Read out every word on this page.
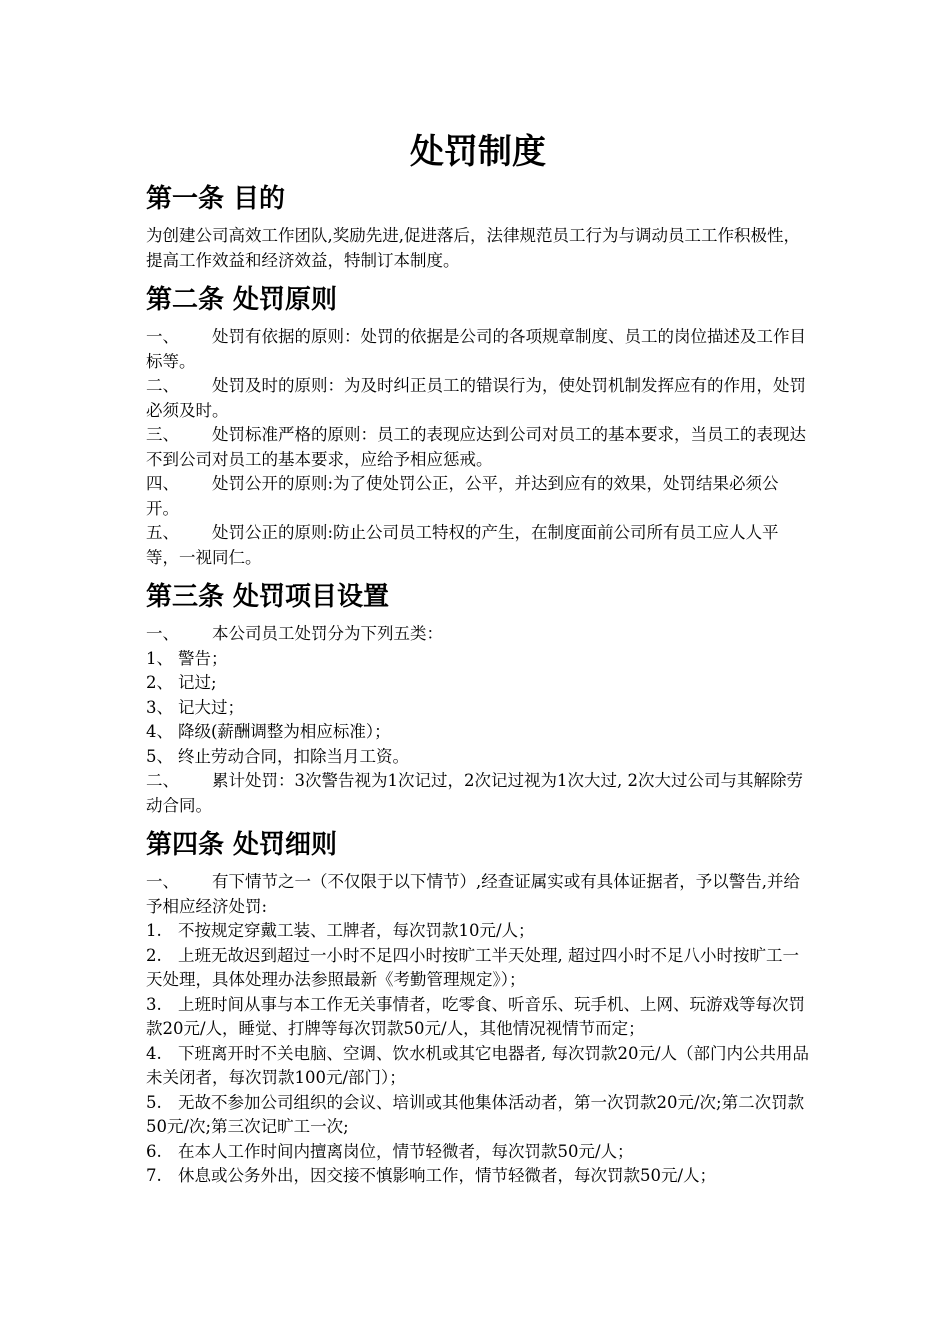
处罚制度
第一条 目的

为创建公司高效工作团队,奖励先进,促进落后，法律规范员工行为与调动员工工作积极性，提高工作效益和经济效益，特制订本制度。

第二条 处罚原则

一、 处罚有依据的原则：处罚的依据是公司的各项规章制度、员工的岗位描述及工作目标等。

二、 处罚及时的原则：为及时纠正员工的错误行为，使处罚机制发挥应有的作用，处罚必须及时。

三、 处罚标准严格的原则：员工的表现应达到公司对员工的基本要求，当员工的表现达不到公司对员工的基本要求，应给予相应惩戒。

四、 处罚公开的原则:为了使处罚公正，公平，并达到应有的效果，处罚结果必须公开。

五、 处罚公正的原则:防止公司员工特权的产生，在制度面前公司所有员工应人人平等，一视同仁。

第三条 处罚项目设置

一、 本公司员工处罚分为下列五类：

1、 警告；

2、 记过;

3、 记大过；

4、 降级(薪酬调整为相应标准）；

5、 终止劳动合同，扣除当月工资。

二、 累计处罚：3次警告视为1次记过，2次记过视为1次大过, 2次大过公司与其解除劳动合同。

第四条 处罚细则

一、 有下情节之一（不仅限于以下情节）,经查证属实或有具体证据者，予以警告,并给予相应经济处罚:

1. 不按规定穿戴工装、工牌者，每次罚款10元/人；

2. 上班无故迟到超过一小时不足四小时按旷工半天处理, 超过四小时不足八小时按旷工一天处理，具体处理办法参照最新《考勤管理规定》）；

3. 上班时间从事与本工作无关事情者，吃零食、听音乐、玩手机、上网、玩游戏等每次罚款20元/人，睡觉、打牌等每次罚款50元/人，其他情况视情节而定；

4. 下班离开时不关电脑、空调、饮水机或其它电器者, 每次罚款20元/人（部门内公共用品未关闭者，每次罚款100元/部门）；

5. 无故不参加公司组织的会议、培训或其他集体活动者，第一次罚款20元/次;第二次罚款50元/次;第三次记旷工一次;

6. 在本人工作时间内擅离岗位，情节轻微者，每次罚款50元/人；

7. 休息或公务外出，因交接不慎影响工作，情节轻微者，每次罚款50元/人；
